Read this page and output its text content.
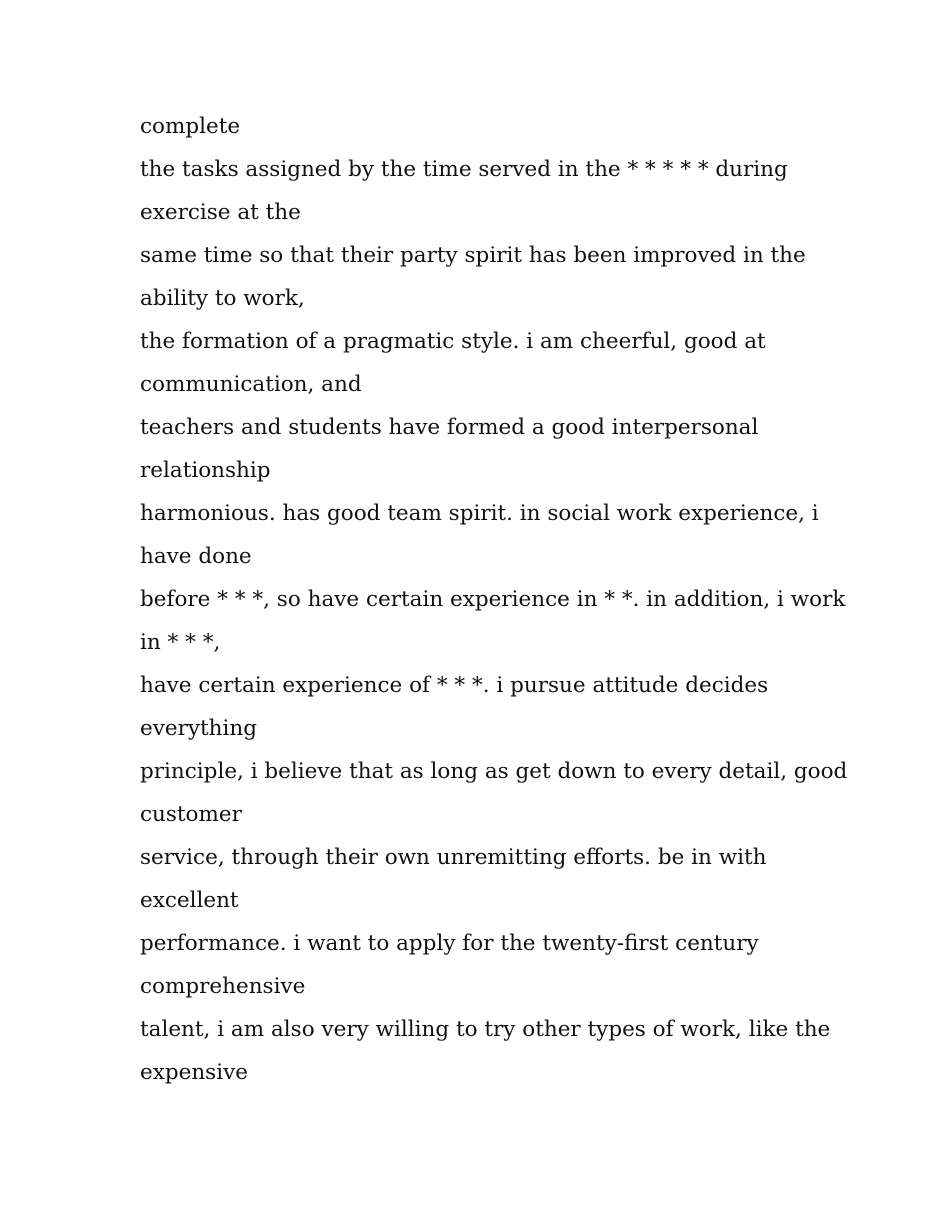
complete
the tasks assigned by the time served in the * * * * * during
exercise at the
same time so that their party spirit has been improved in the
ability to work,
the formation of a pragmatic style. i am cheerful, good at
communication, and
teachers and students have formed a good interpersonal
relationship
harmonious. has good team spirit. in social work experience, i
have done
before * * *, so have certain experience in * *. in addition, i work
in * * *,
have certain experience of * * *. i pursue attitude decides
everything
principle, i believe that as long as get down to every detail, good
customer
service, through their own unremitting efforts. be in with
excellent
performance. i want to apply for the twenty-first century
comprehensive
talent, i am also very willing to try other types of work, like the
expensive
